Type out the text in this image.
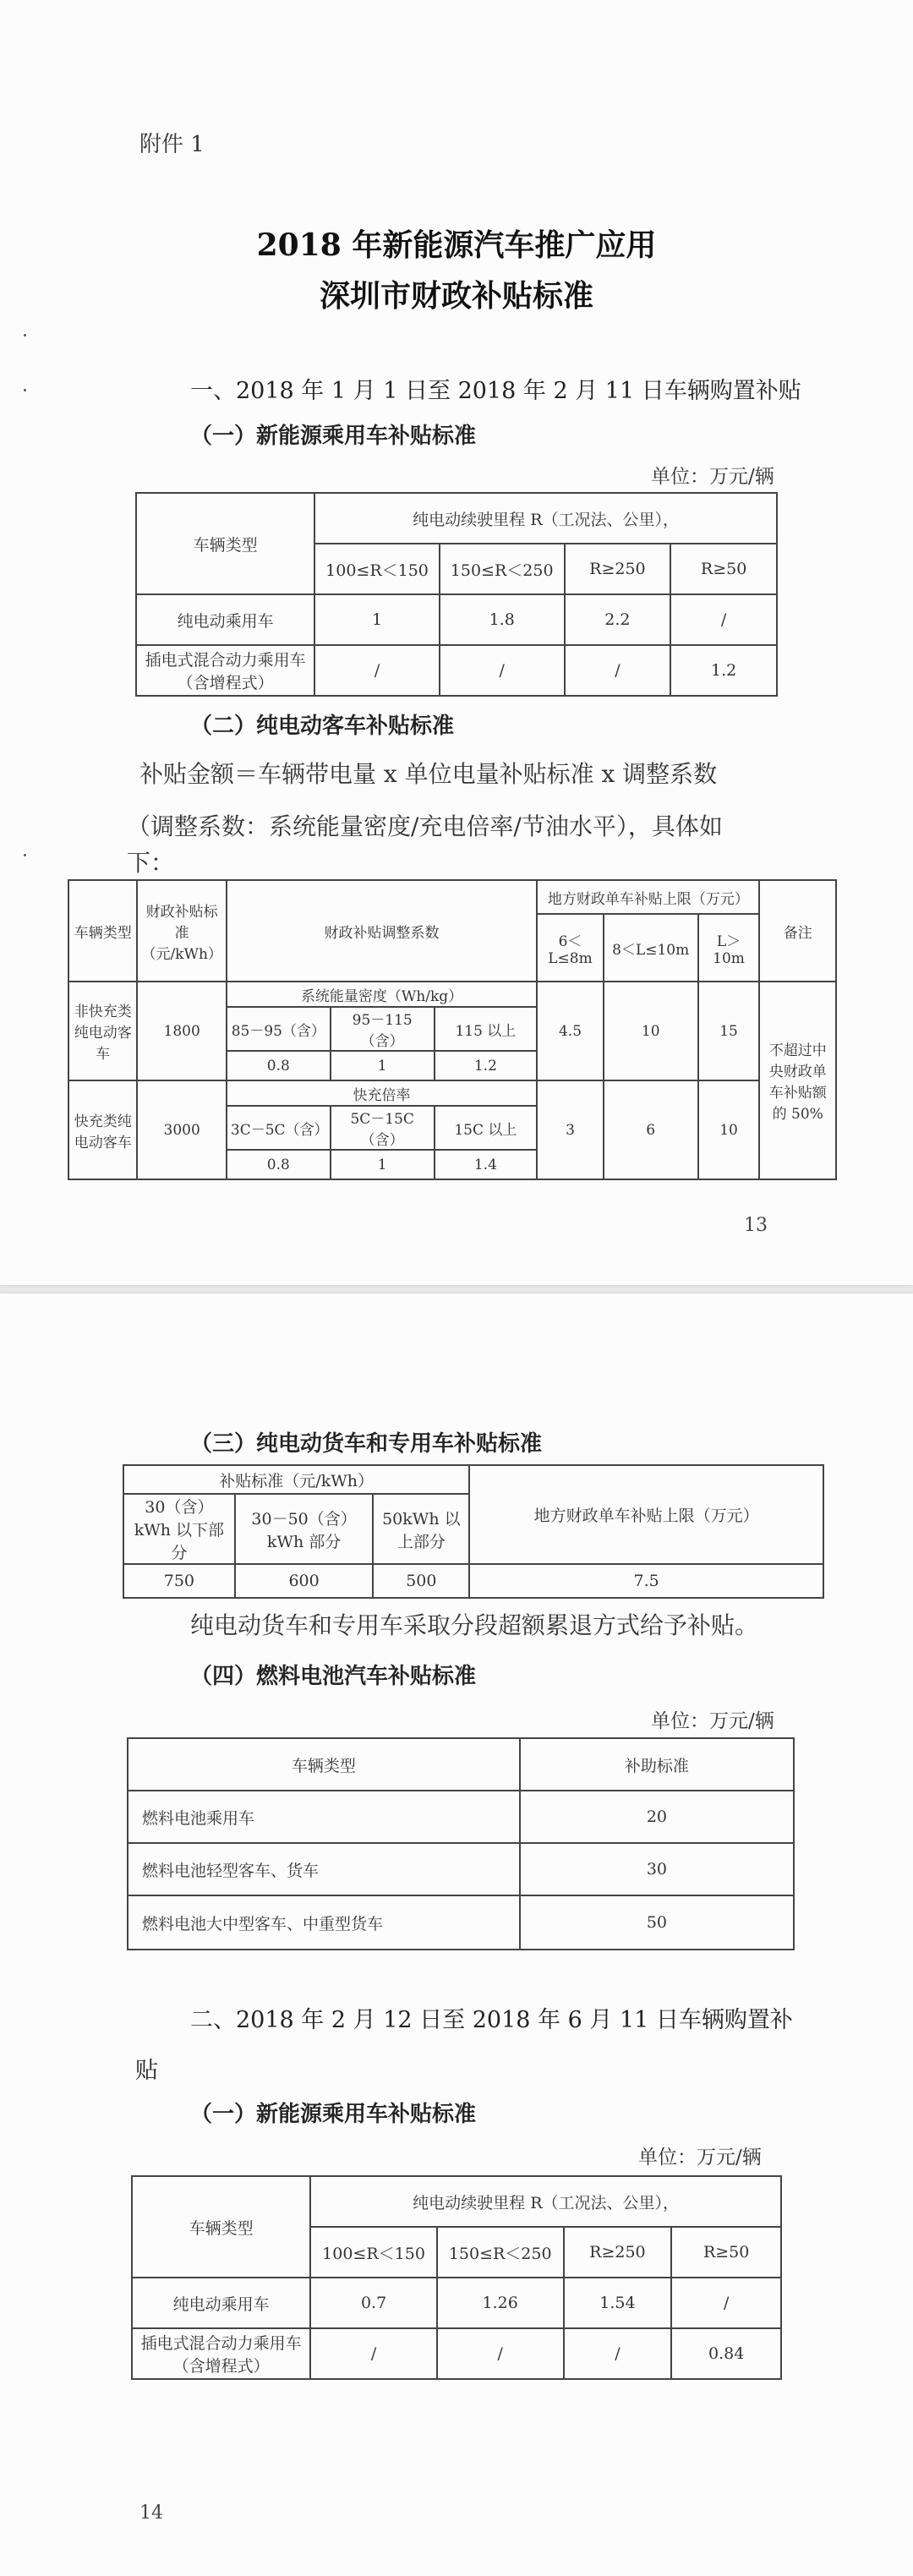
附件 1
2018 年新能源汽车推广应用
深圳市财政补贴标准
一、2018 年 1 月 1 日至 2018 年 2 月 11 日车辆购置补贴
（一）新能源乘用车补贴标准
单位：万元/辆
车辆类型	纯电动续驶里程 R（工况法、公里），			
	100≤R＜150	150≤R＜250	R≥250	R≥50
纯电动乘用车	1	1.8	2.2	/
插电式混合动力乘用车（含增程式）	/	/	/	1.2
（二）纯电动客车补贴标准
补贴金额＝车辆带电量 x 单位电量补贴标准 x 调整系数
（调整系数：系统能量密度/充电倍率/节油水平），具体如
下：
车辆类型	财政补贴标准（元/kWh）	财政补贴调整系数			地方财政单车补贴上限（万元）			备注
					6＜L≤8m	8＜L≤10m	L＞10m	
非快充类纯电动客车	1800	系统能量密度（Wh/kg）			4.5	10	15	不超过中央财政单车补贴额的 50%
		85－95（含）	95－115（含）	115 以上				
		0.8	1	1.2				
快充类纯电动客车	3000	快充倍率			3	6	10	
		3C－5C（含）	5C－15C（含）	15C 以上				
		0.8	1	1.4				
13
（三）纯电动货车和专用车补贴标准
补贴标准（元/kWh）			地方财政单车补贴上限（万元）
30（含）kWh 以下部分	30－50（含）kWh 部分	50kWh 以上部分	
750	600	500	7.5
纯电动货车和专用车采取分段超额累退方式给予补贴。
（四）燃料电池汽车补贴标准
单位：万元/辆
车辆类型	补助标准
燃料电池乘用车	20
燃料电池轻型客车、货车	30
燃料电池大中型客车、中重型货车	50
二、2018 年 2 月 12 日至 2018 年 6 月 11 日车辆购置补
贴
（一）新能源乘用车补贴标准
单位：万元/辆
车辆类型	纯电动续驶里程 R（工况法、公里），			
	100≤R＜150	150≤R＜250	R≥250	R≥50
纯电动乘用车	0.7	1.26	1.54	/
插电式混合动力乘用车（含增程式）	/	/	/	0.84
14
